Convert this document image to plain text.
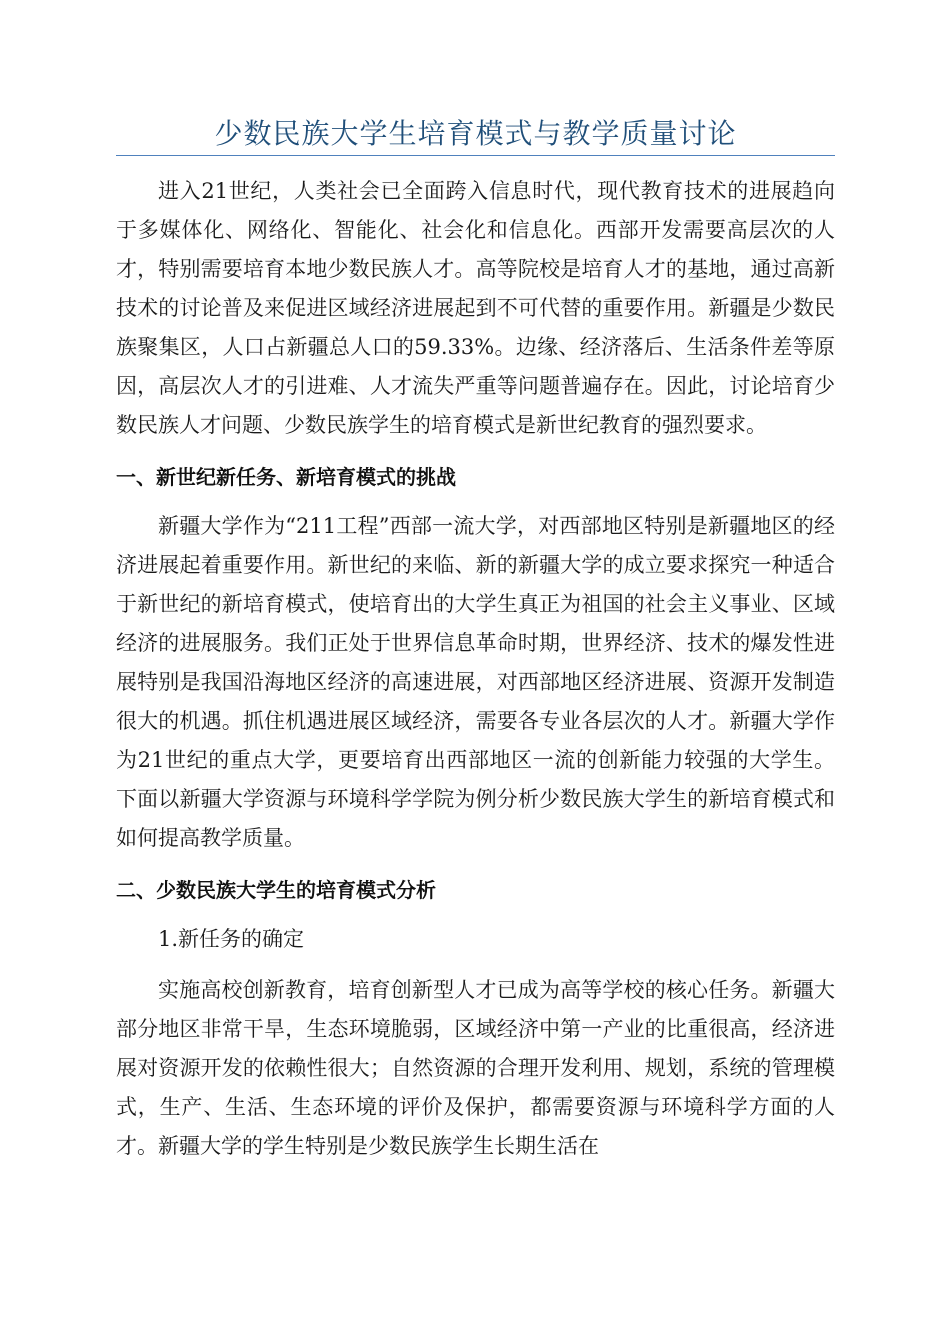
少数民族大学生培育模式与教学质量讨论

进入21世纪，人类社会已全面跨入信息时代，现代教育技术的进展趋向于多媒体化、网络化、智能化、社会化和信息化。西部开发需要高层次的人才，特别需要培育本地少数民族人才。高等院校是培育人才的基地，通过高新技术的讨论普及来促进区域经济进展起到不可代替的重要作用。新疆是少数民族聚集区，人口占新疆总人口的59.33%。边缘、经济落后、生活条件差等原因，高层次人才的引进难、人才流失严重等问题普遍存在。因此，讨论培育少数民族人才问题、少数民族学生的培育模式是新世纪教育的强烈要求。

一、新世纪新任务、新培育模式的挑战

新疆大学作为“211工程”西部一流大学，对西部地区特别是新疆地区的经济进展起着重要作用。新世纪的来临、新的新疆大学的成立要求探究一种适合于新世纪的新培育模式，使培育出的大学生真正为祖国的社会主义事业、区域经济的进展服务。我们正处于世界信息革命时期，世界经济、技术的爆发性进展特别是我国沿海地区经济的高速进展，对西部地区经济进展、资源开发制造很大的机遇。抓住机遇进展区域经济，需要各专业各层次的人才。新疆大学作为21世纪的重点大学，更要培育出西部地区一流的创新能力较强的大学生。下面以新疆大学资源与环境科学学院为例分析少数民族大学生的新培育模式和如何提高教学质量。

二、少数民族大学生的培育模式分析

1.新任务的确定

实施高校创新教育，培育创新型人才已成为高等学校的核心任务。新疆大部分地区非常干旱，生态环境脆弱，区域经济中第一产业的比重很高，经济进展对资源开发的依赖性很大；自然资源的合理开发利用、规划，系统的管理模式，生产、生活、生态环境的评价及保护，都需要资源与环境科学方面的人才。新疆大学的学生特别是少数民族学生长期生活在
